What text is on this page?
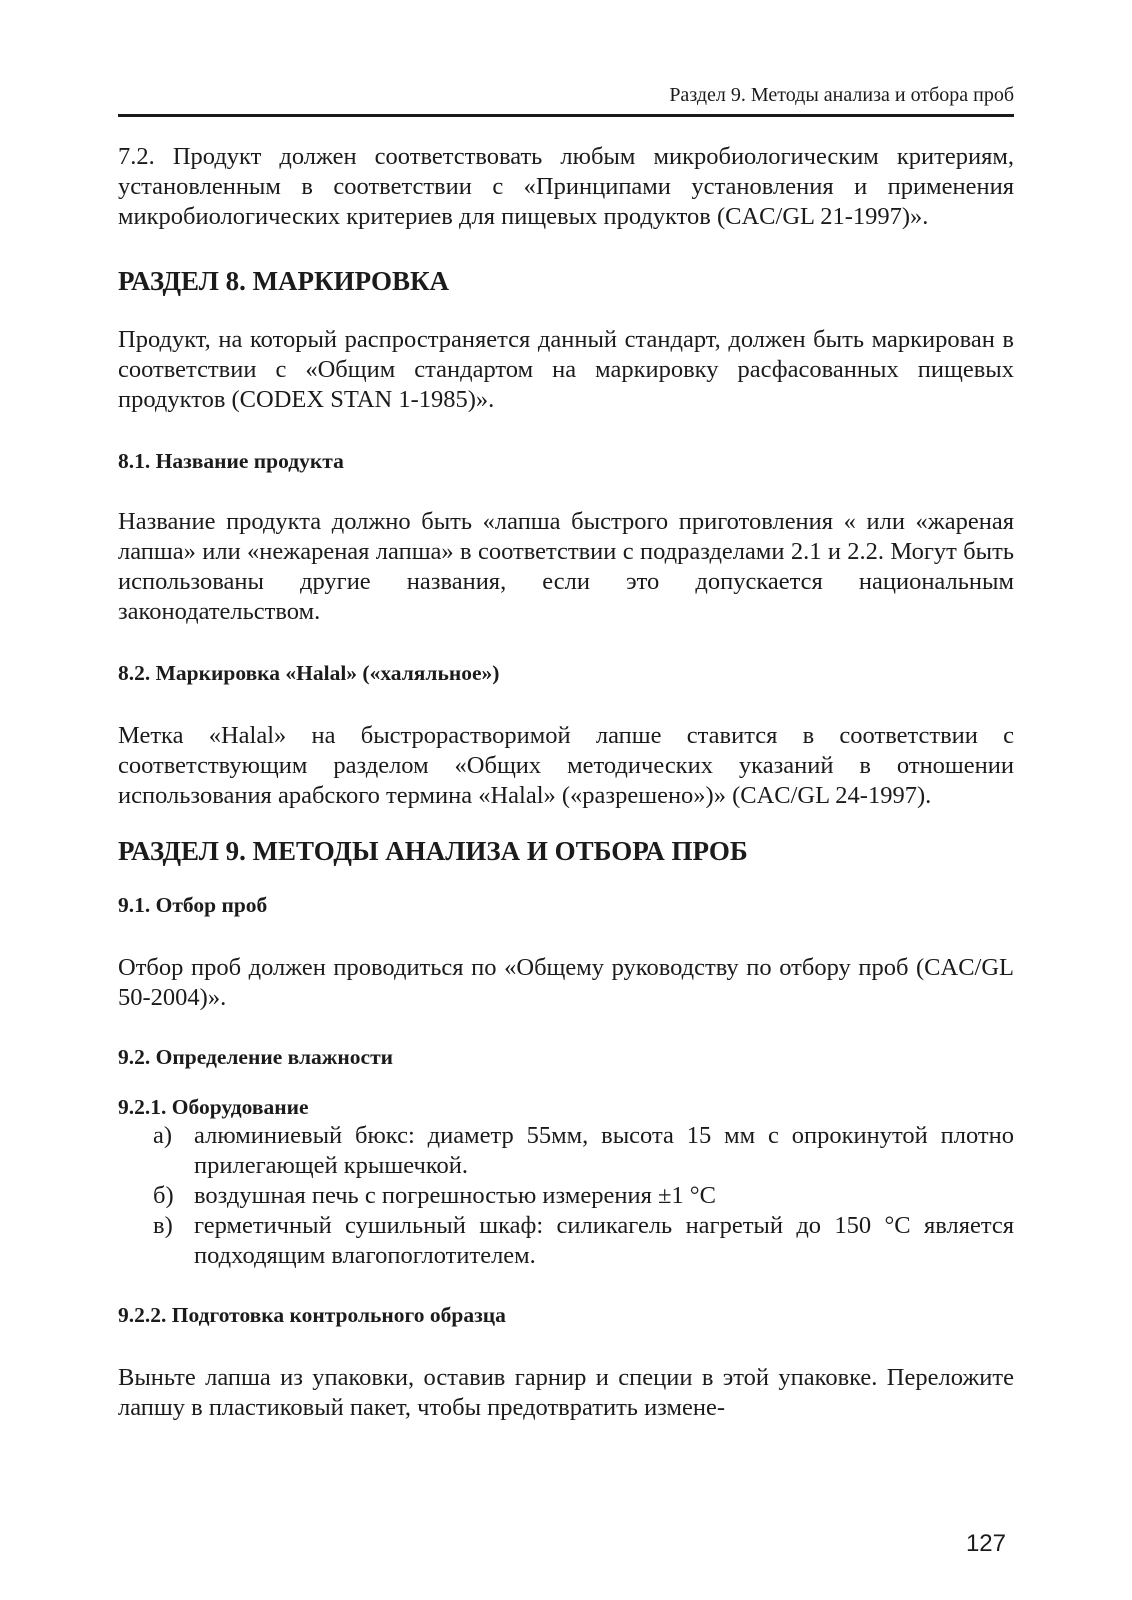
Раздел 9. Методы анализа и отбора проб

7.2. Продукт должен соответствовать любым микробиологическим критериям, установленным в соответствии с «Принципами установления и применения микробиологических критериев для пищевых продуктов (CAC/GL 21-1997)».

РАЗДЕЛ 8. МАРКИРОВКА

Продукт, на который распространяется данный стандарт, должен быть маркирован в соответствии с «Общим стандартом на маркировку расфасованных пищевых продуктов (CODEX STAN 1-1985)».

8.1. Название продукта

Название продукта должно быть «лапша быстрого приготовления « или «жареная лапша» или «нежареная лапша» в соответствии с подразделами 2.1 и 2.2. Могут быть использованы другие названия, если это допускается национальным законодательством.

8.2. Маркировка «Halal» («халяльное»)

Метка «Halal» на быстрорастворимой лапше ставится в соответствии с соответствующим разделом «Общих методических указаний в отношении использования арабского термина «Halal» («разрешено»)» (CAC/GL 24-1997).

РАЗДЕЛ 9. МЕТОДЫ АНАЛИЗА И ОТБОРА ПРОБ
9.1. Отбор проб

Отбор проб должен проводиться по «Общему руководству по отбору проб (CAC/GL 50-2004)».

9.2. Определение влажности
9.2.1. Оборудование
а) алюминиевый бюкс: диаметр 55мм, высота 15 мм с опрокинутой плотно прилегающей крышечкой.
б) воздушная печь с погрешностью измерения ±1 °С
в) герметичный сушильный шкаф: силикагель нагретый до 150 °С является подходящим влагопоглотителем.
9.2.2. Подготовка контрольного образца

Выньте лапша из упаковки, оставив гарнир и специи в этой упаковке. Переложите лапшу в пластиковый пакет, чтобы предотвратить измене-

127
